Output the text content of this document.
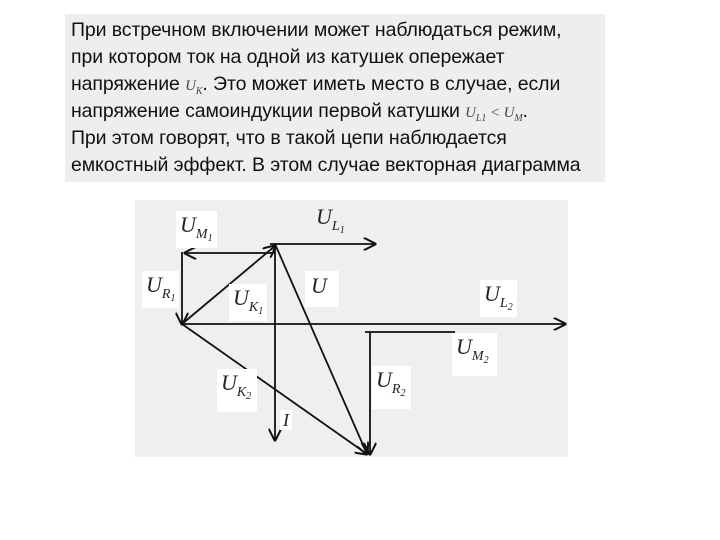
При встречном включении может наблюдаться режим,
при котором ток на одной из катушек опережает
напряжение $U_K$. Это может иметь место в случае, если
напряжение самоиндукции первой катушки $U_{L1} < U_M$.
При этом говорят, что в такой цепи наблюдается
емкостный эффект. В этом случае векторная диаграмма
$U_{M_1}$
$U_{L_1}$
$U_{R_1}$	$U_{K_1}$
U	$U_{L_2}$
$U_{M_2}$
$U_{K_2}$
$U_{R_2}$
I
